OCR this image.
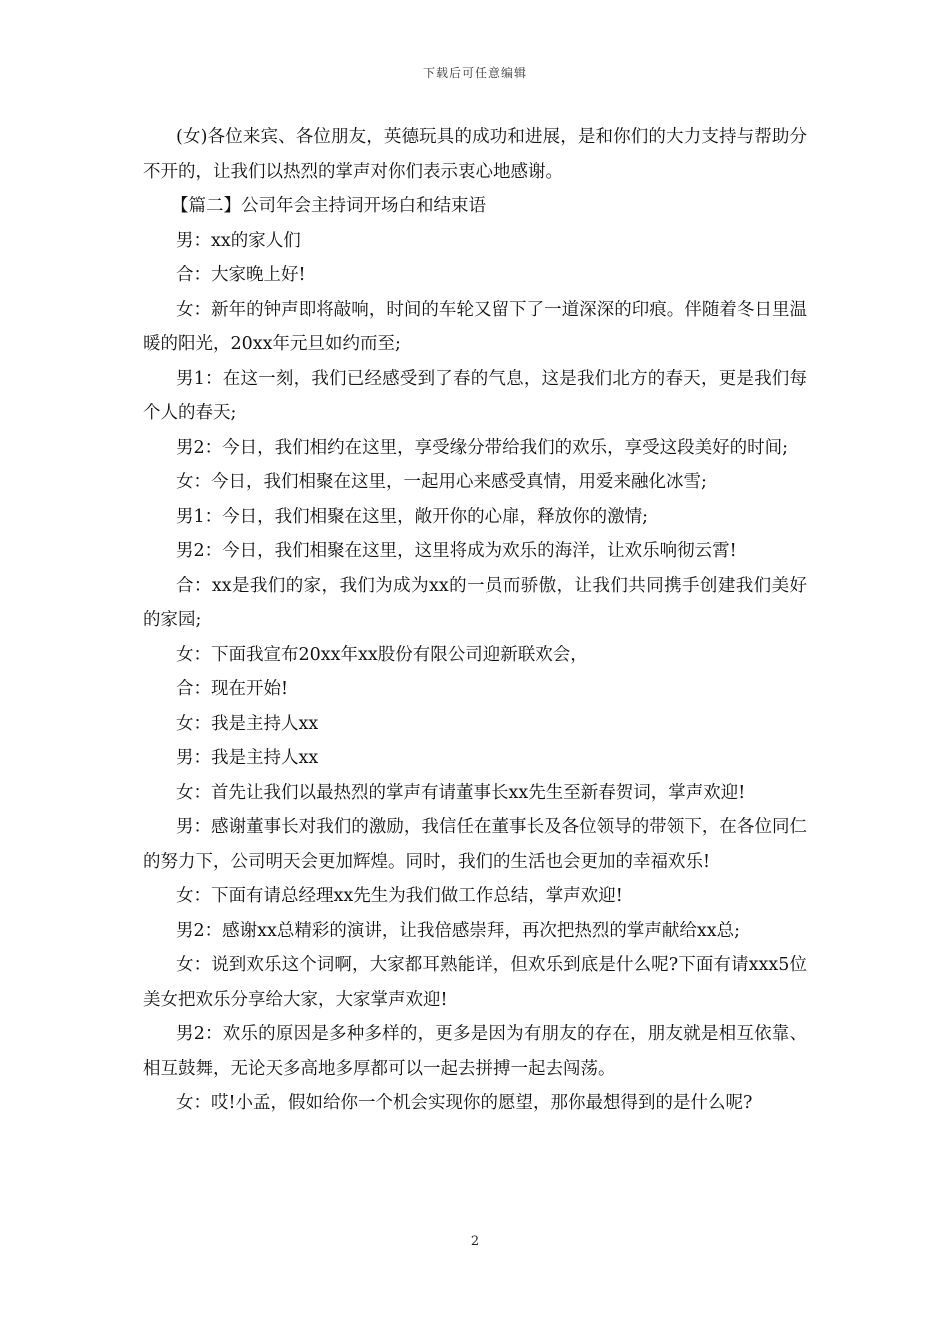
下载后可任意编辑

(女)各位来宾、各位朋友，英德玩具的成功和进展，是和你们的大力支持与帮助分不开的，让我们以热烈的掌声对你们表示衷心地感谢。

【篇二】公司年会主持词开场白和结束语

男：xx的家人们

合：大家晚上好!

女：新年的钟声即将敲响，时间的车轮又留下了一道深深的印痕。伴随着冬日里温暖的阳光，20xx年元旦如约而至;

男1：在这一刻，我们已经感受到了春的气息，这是我们北方的春天，更是我们每个人的春天;

男2：今日，我们相约在这里，享受缘分带给我们的欢乐，享受这段美好的时间;

女：今日，我们相聚在这里，一起用心来感受真情，用爱来融化冰雪;

男1：今日，我们相聚在这里，敞开你的心扉，释放你的激情;

男2：今日，我们相聚在这里，这里将成为欢乐的海洋，让欢乐响彻云霄!

合：xx是我们的家，我们为成为xx的一员而骄傲，让我们共同携手创建我们美好的家园;

女：下面我宣布20xx年xx股份有限公司迎新联欢会，

合：现在开始!

女：我是主持人xx

男：我是主持人xx

女：首先让我们以最热烈的掌声有请董事长xx先生至新春贺词，掌声欢迎!

男：感谢董事长对我们的激励，我信任在董事长及各位领导的带领下，在各位同仁的努力下，公司明天会更加辉煌。同时，我们的生活也会更加的幸福欢乐!

女：下面有请总经理xx先生为我们做工作总结，掌声欢迎!

男2：感谢xx总精彩的演讲，让我倍感崇拜，再次把热烈的掌声献给xx总;

女：说到欢乐这个词啊，大家都耳熟能详，但欢乐到底是什么呢?下面有请xxx5位美女把欢乐分享给大家，大家掌声欢迎!

男2：欢乐的原因是多种多样的，更多是因为有朋友的存在，朋友就是相互依靠、相互鼓舞，无论天多高地多厚都可以一起去拼搏一起去闯荡。

女：哎!小孟，假如给你一个机会实现你的愿望，那你最想得到的是什么呢?

2
